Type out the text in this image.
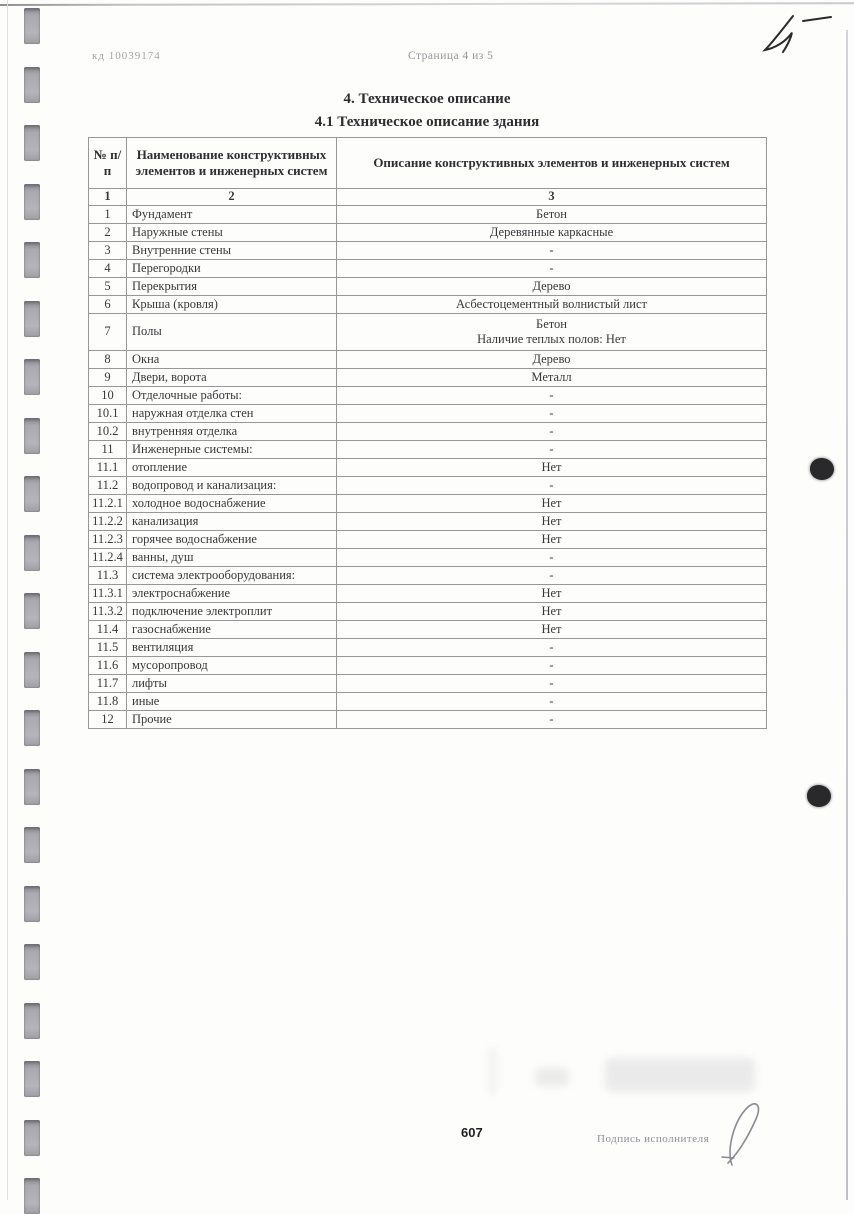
кд 10039174	Страница 4 из 5
4. Техническое описание
4.1 Техническое описание здания
№ п/п	Наименование конструктивных элементов и инженерных систем	Описание конструктивных элементов и инженерных систем
1	2	3
1	Фундамент	Бетон
2	Наружные стены	Деревянные каркасные
3	Внутренние стены	-
4	Перегородки	-
5	Перекрытия	Дерево
6	Крыша (кровля)	Асбестоцементный волнистый лист
7	Полы	Бетон
Наличие теплых полов: Нет

8	Окна	Дерево
9	Двери, ворота	Металл
10	Отделочные работы:	-
10.1	наружная отделка стен	-
10.2	внутренняя отделка	-
11	Инженерные системы:	-
11.1	отопление	Нет
11.2	водопровод и канализация:	-
11.2.1	холодное водоснабжение	Нет
11.2.2	канализация	Нет
11.2.3	горячее водоснабжение	Нет
11.2.4	ванны, душ	-
11.3	система электрооборудования:	-
11.3.1	электроснабжение	Нет
11.3.2	подключение электроплит	Нет
11.4	газоснабжение	Нет
11.5	вентиляция	-
11.6	мусоропровод	-
11.7	лифты	-
11.8	иные	-
12	Прочие	-
607	Подпись исполнителя
